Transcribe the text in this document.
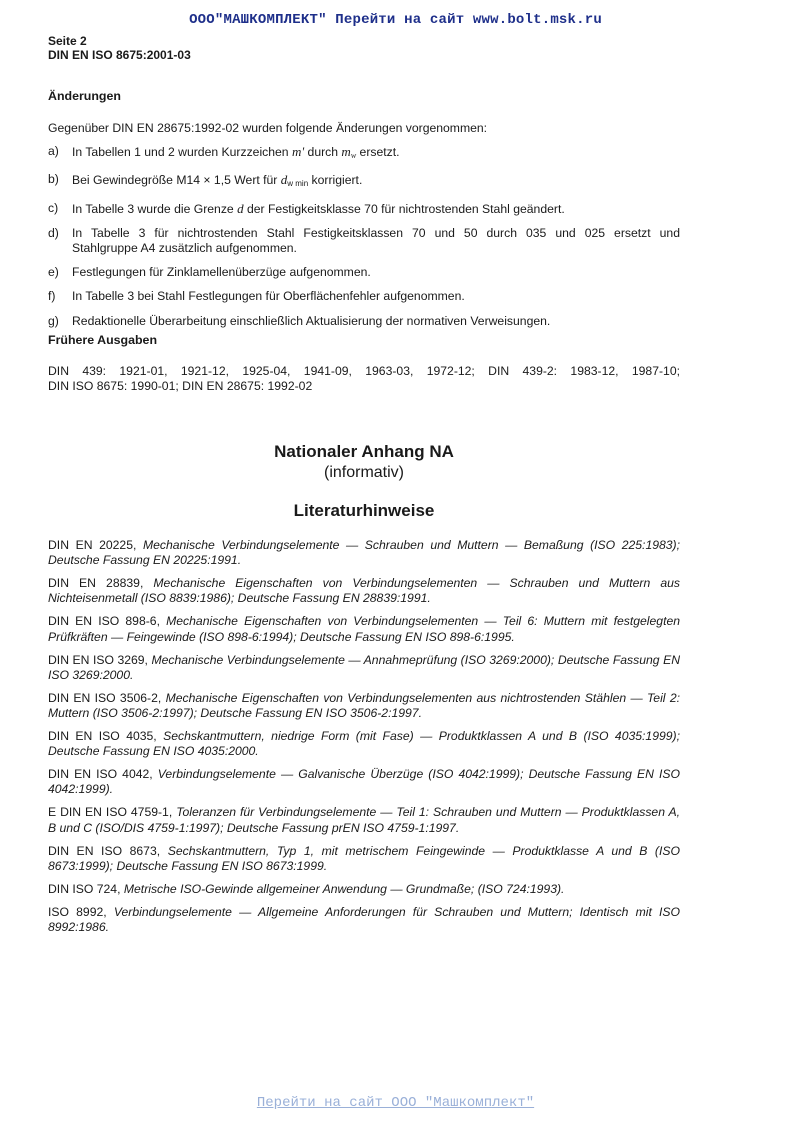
ООО"МАШКОМПЛЕКТ" Перейти на сайт www.bolt.msk.ru
Seite 2
DIN EN ISO 8675:2001-03

Änderungen

Gegenüber DIN EN 28675:1992-02 wurden folgende Änderungen vorgenommen:

a)	In Tabellen 1 und 2 wurden Kurzzeichen m' durch $m_w$ ersetzt.
b)	Bei Gewindegröße M14 × 1,5 Wert für $d_{w min}$ korrigiert.
c)	In Tabelle 3 wurde die Grenze d der Festigkeitsklasse 70 für nichtrostenden Stahl geändert.
d)	In Tabelle 3 für nichtrostenden Stahl Festigkeitsklassen 70 und 50 durch 035 und 025 ersetzt und
Stahlgruppe A4 zusätzlich aufgenommen.
e)	Festlegungen für Zinklamellenüberzüge aufgenommen.
f)	In Tabelle 3 bei Stahl Festlegungen für Oberflächenfehler aufgenommen.
g)	Redaktionelle Überarbeitung einschließlich Aktualisierung der normativen Verweisungen.

Frühere Ausgaben

DIN 439: 1921-01, 1921-12, 1925-04, 1941-09, 1963-03, 1972-12; DIN 439-2: 1983-12, 1987-10;
DIN ISO 8675: 1990-01; DIN EN 28675: 1992-02
Nationaler Anhang NA
(informativ)
Literaturhinweise

DIN EN 20225, Mechanische Verbindungselemente — Schrauben und Muttern — Bemaßung (ISO 225:1983); Deutsche Fassung EN 20225:1991.

DIN EN 28839, Mechanische Eigenschaften von Verbindungselementen — Schrauben und Muttern aus Nichteisenmetall (ISO 8839:1986); Deutsche Fassung EN 28839:1991.

DIN EN ISO 898-6, Mechanische Eigenschaften von Verbindungselementen — Teil 6: Muttern mit festgelegten Prüfkräften — Feingewinde (ISO 898-6:1994); Deutsche Fassung EN ISO 898-6:1995.

DIN EN ISO 3269, Mechanische Verbindungselemente — Annahmeprüfung (ISO 3269:2000); Deutsche Fassung EN ISO 3269:2000.

DIN EN ISO 3506-2, Mechanische Eigenschaften von Verbindungselementen aus nichtrostenden Stählen — Teil 2: Muttern (ISO 3506-2:1997); Deutsche Fassung EN ISO 3506-2:1997.

DIN EN ISO 4035, Sechskantmuttern, niedrige Form (mit Fase) — Produktklassen A und B (ISO 4035:1999); Deutsche Fassung EN ISO 4035:2000.

DIN EN ISO 4042, Verbindungselemente — Galvanische Überzüge (ISO 4042:1999); Deutsche Fassung EN ISO 4042:1999).

E DIN EN ISO 4759-1, Toleranzen für Verbindungselemente — Teil 1: Schrauben und Muttern — Produktklassen A, B und C (ISO/DIS 4759-1:1997); Deutsche Fassung prEN ISO 4759-1:1997.

DIN EN ISO 8673, Sechskantmuttern, Typ 1, mit metrischem Feingewinde — Produktklasse A und B (ISO 8673:1999); Deutsche Fassung EN ISO 8673:1999.

DIN ISO 724, Metrische ISO-Gewinde allgemeiner Anwendung — Grundmaße; (ISO 724:1993).

ISO 8992, Verbindungselemente — Allgemeine Anforderungen für Schrauben und Muttern; Identisch mit ISO 8992:1986.

Перейти на сайт ООО "Машкомплект"
